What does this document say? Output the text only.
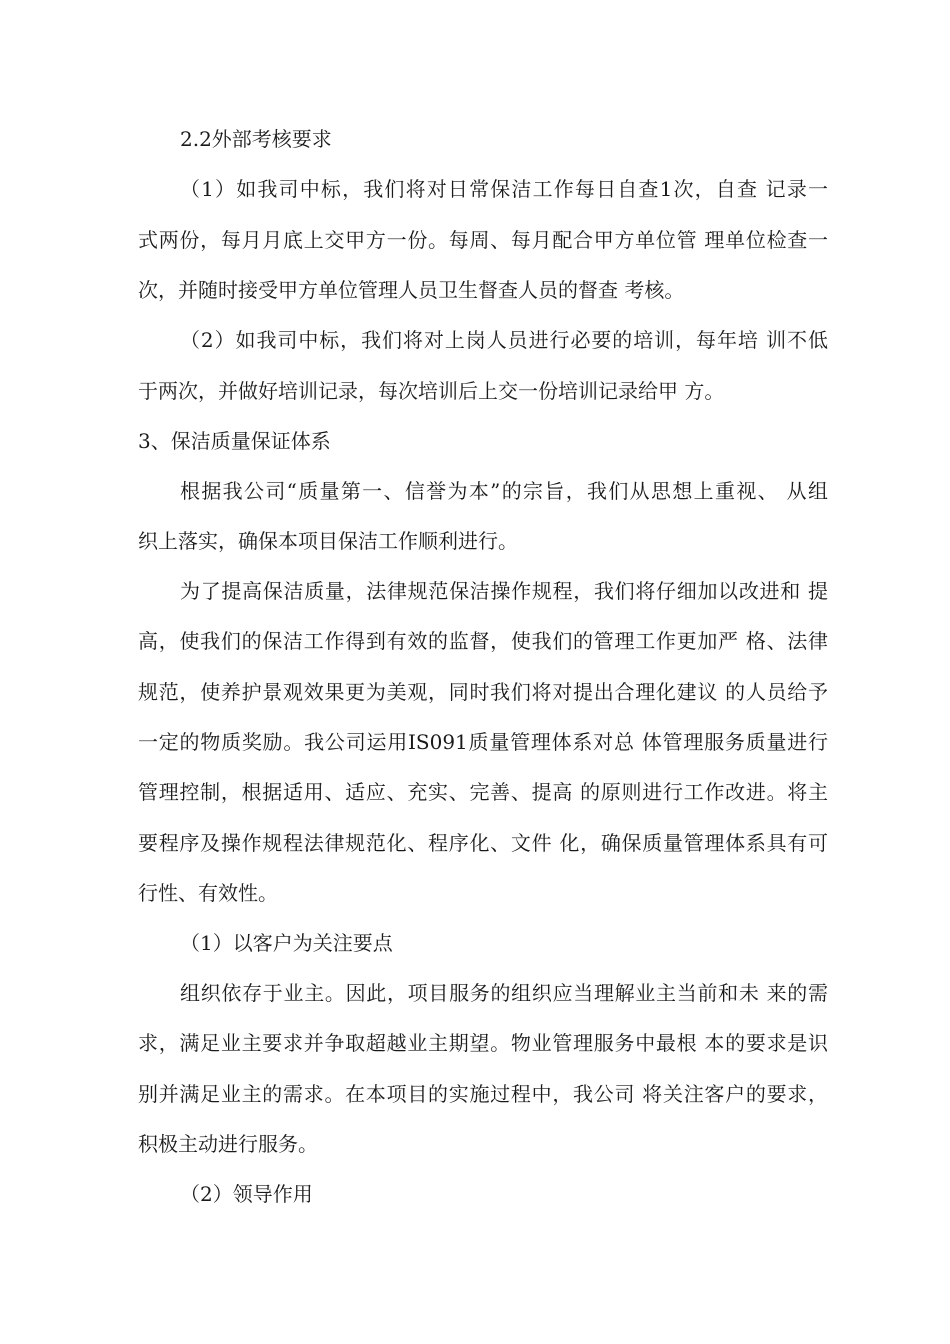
2.2外部考核要求

（1）如我司中标，我们将对日常保洁工作每日自查1次，自查 记录一

式两份，每月月底上交甲方一份。每周、每月配合甲方单位管 理单位检查一

次，并随时接受甲方单位管理人员卫生督查人员的督查 考核。

（2）如我司中标，我们将对上岗人员进行必要的培训，每年培 训不低

于两次，并做好培训记录，每次培训后上交一份培训记录给甲 方。

3、保洁质量保证体系

根据我公司“质量第一、信誉为本”的宗旨，我们从思想上重视、 从组

织上落实，确保本项目保洁工作顺利进行。

为了提高保洁质量，法律规范保洁操作规程，我们将仔细加以改进和 提

高，使我们的保洁工作得到有效的监督，使我们的管理工作更加严 格、法律

规范，使养护景观效果更为美观，同时我们将对提出合理化建议 的人员给予

一定的物质奖励。我公司运用IS091质量管理体系对总 体管理服务质量进行

管理控制，根据适用、适应、充实、完善、提高 的原则进行工作改进。将主

要程序及操作规程法律规范化、程序化、文件 化，确保质量管理体系具有可

行性、有效性。

（1）以客户为关注要点

组织依存于业主。因此，项目服务的组织应当理解业主当前和未 来的需

求，满足业主要求并争取超越业主期望。物业管理服务中最根 本的要求是识

别并满足业主的需求。在本项目的实施过程中，我公司 将关注客户的要求，

积极主动进行服务。

（2）领导作用
